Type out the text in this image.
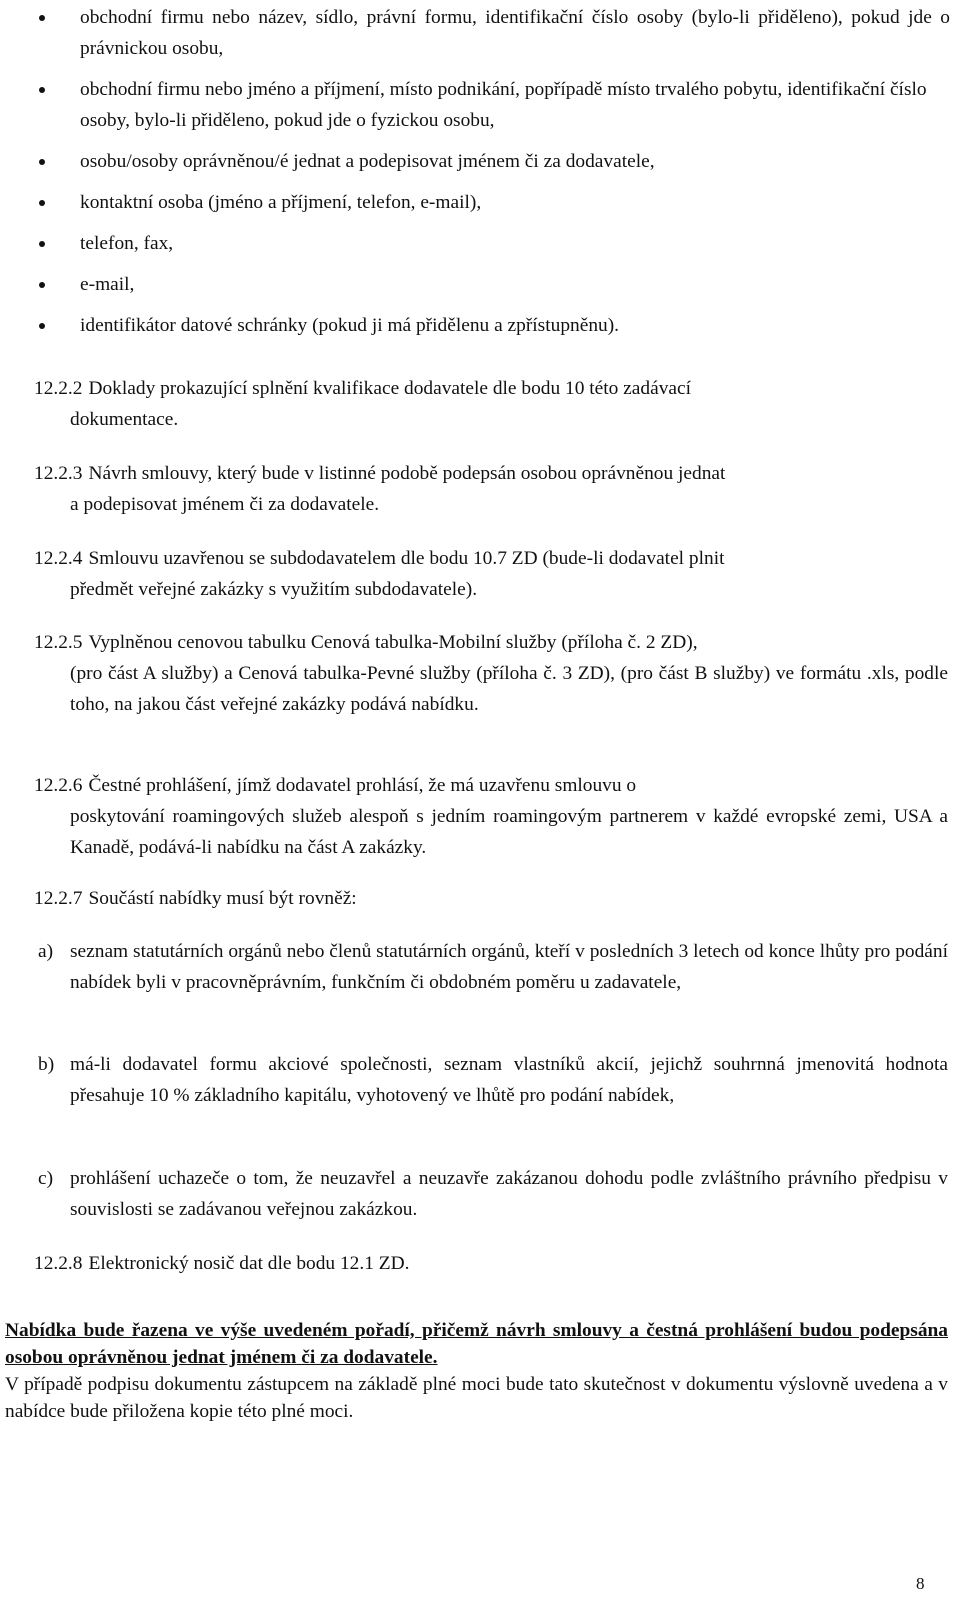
obchodní firmu nebo název, sídlo, právní formu, identifikační číslo osoby (bylo-li přiděleno), pokud jde o právnickou osobu,
obchodní firmu nebo jméno a příjmení, místo podnikání, popřípadě místo trvalého pobytu, identifikační číslo osoby, bylo-li přiděleno, pokud jde o fyzickou osobu,
osobu/osoby oprávněnou/é jednat a podepisovat jménem či za dodavatele,
kontaktní osoba (jméno a příjmení, telefon, e-mail),
telefon, fax,
e-mail,
identifikátor datové schránky (pokud ji má přidělenu a zpřístupněnu).
12.2.2 Doklady prokazující splnění kvalifikace dodavatele dle bodu 10 této zadávací
dokumentace.
12.2.3 Návrh smlouvy, který bude v listinné podobě podepsán osobou oprávněnou jednat
a podepisovat jménem či za dodavatele.
12.2.4 Smlouvu uzavřenou se subdodavatelem dle bodu 10.7 ZD (bude-li dodavatel plnit
předmět veřejné zakázky s využitím subdodavatele).
12.2.5 Vyplněnou cenovou tabulku Cenová tabulka-Mobilní služby (příloha č. 2 ZD),
(pro část A služby) a Cenová tabulka-Pevné služby (příloha č. 3 ZD), (pro část B služby) ve formátu .xls, podle toho, na jakou část veřejné zakázky podává nabídku.
12.2.6 Čestné prohlášení, jímž dodavatel prohlásí, že má uzavřenu smlouvu o
poskytování roamingových služeb alespoň s jedním roamingovým partnerem v každé evropské zemi, USA a Kanadě, podává-li nabídku na část A zakázky.
12.2.7 Součástí nabídky musí být rovněž:
a) seznam statutárních orgánů nebo členů statutárních orgánů, kteří v posledních 3 letech od konce lhůty pro podání nabídek byli v pracovněprávním, funkčním či obdobném poměru u zadavatele,
b) má-li dodavatel formu akciové společnosti, seznam vlastníků akcií, jejichž souhrnná jmenovitá hodnota přesahuje 10 % základního kapitálu, vyhotovený ve lhůtě pro podání nabídek,
c) prohlášení uchazeče o tom, že neuzavřel a neuzavře zakázanou dohodu podle zvláštního právního předpisu v souvislosti se zadávanou veřejnou zakázkou.
12.2.8 Elektronický nosič dat dle bodu 12.1 ZD.
Nabídka bude řazena ve výše uvedeném pořadí, přičemž návrh smlouvy a čestná prohlášení budou podepsána osobou oprávněnou jednat jménem či za dodavatele.
V případě podpisu dokumentu zástupcem na základě plné moci bude tato skutečnost v dokumentu výslovně uvedena a v nabídce bude přiložena kopie této plné moci.
8
